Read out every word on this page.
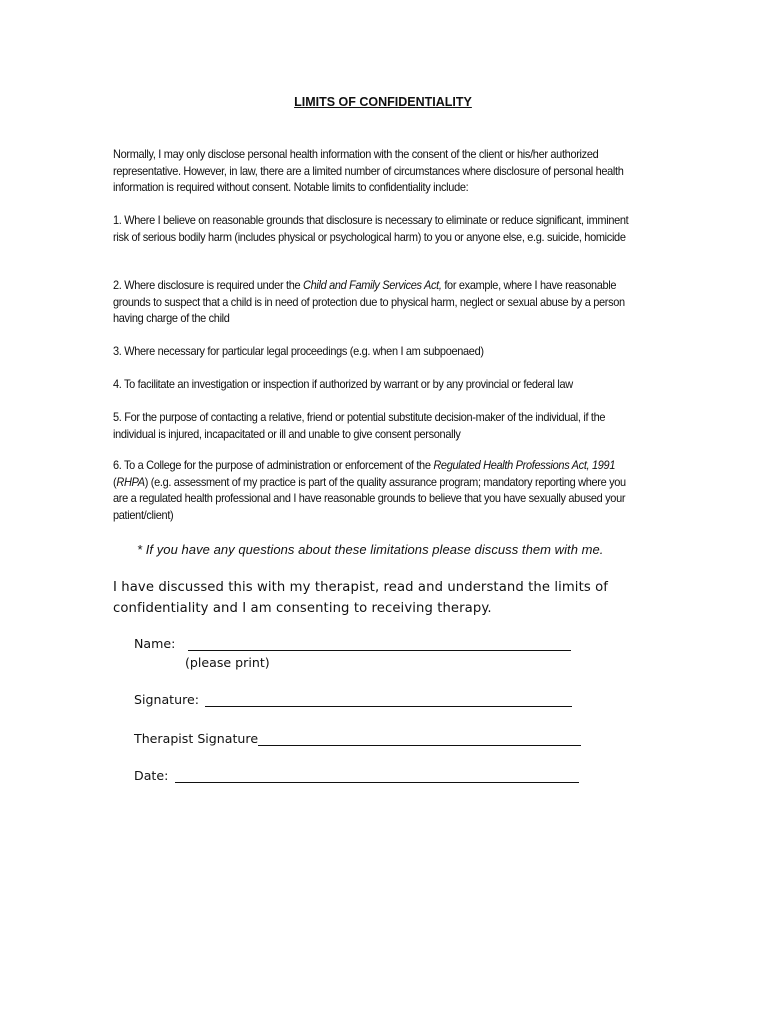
LIMITS OF CONFIDENTIALITY
Normally, I may only disclose personal health information with the consent of the client or his/her authorized representative. However, in law, there are a limited number of circumstances where disclosure of personal health information is required without consent. Notable limits to confidentiality include:
1. Where I believe on reasonable grounds that disclosure is necessary to eliminate or reduce significant, imminent risk of serious bodily harm (includes physical or psychological harm) to you or anyone else, e.g. suicide, homicide
2. Where disclosure is required under the Child and Family Services Act, for example, where I have reasonable grounds to suspect that a child is in need of protection due to physical harm, neglect or sexual abuse by a person having charge of the child
3. Where necessary for particular legal proceedings (e.g. when I am subpoenaed)
4. To facilitate an investigation or inspection if authorized by warrant or by any provincial or federal law
5. For the purpose of contacting a relative, friend or potential substitute decision-maker of the individual, if the individual is injured, incapacitated or ill and unable to give consent personally
6. To a College for the purpose of administration or enforcement of the Regulated Health Professions Act, 1991 (RHPA) (e.g. assessment of my practice is part of the quality assurance program; mandatory reporting where you are a regulated health professional and I have reasonable grounds to believe that you have sexually abused your patient/client)
* If you have any questions about these limitations please discuss them with me.
I have discussed this with my therapist, read and understand the limits of confidentiality and I am consenting to receiving therapy.
Name:
(please print)
Signature:
Therapist Signature
Date:
